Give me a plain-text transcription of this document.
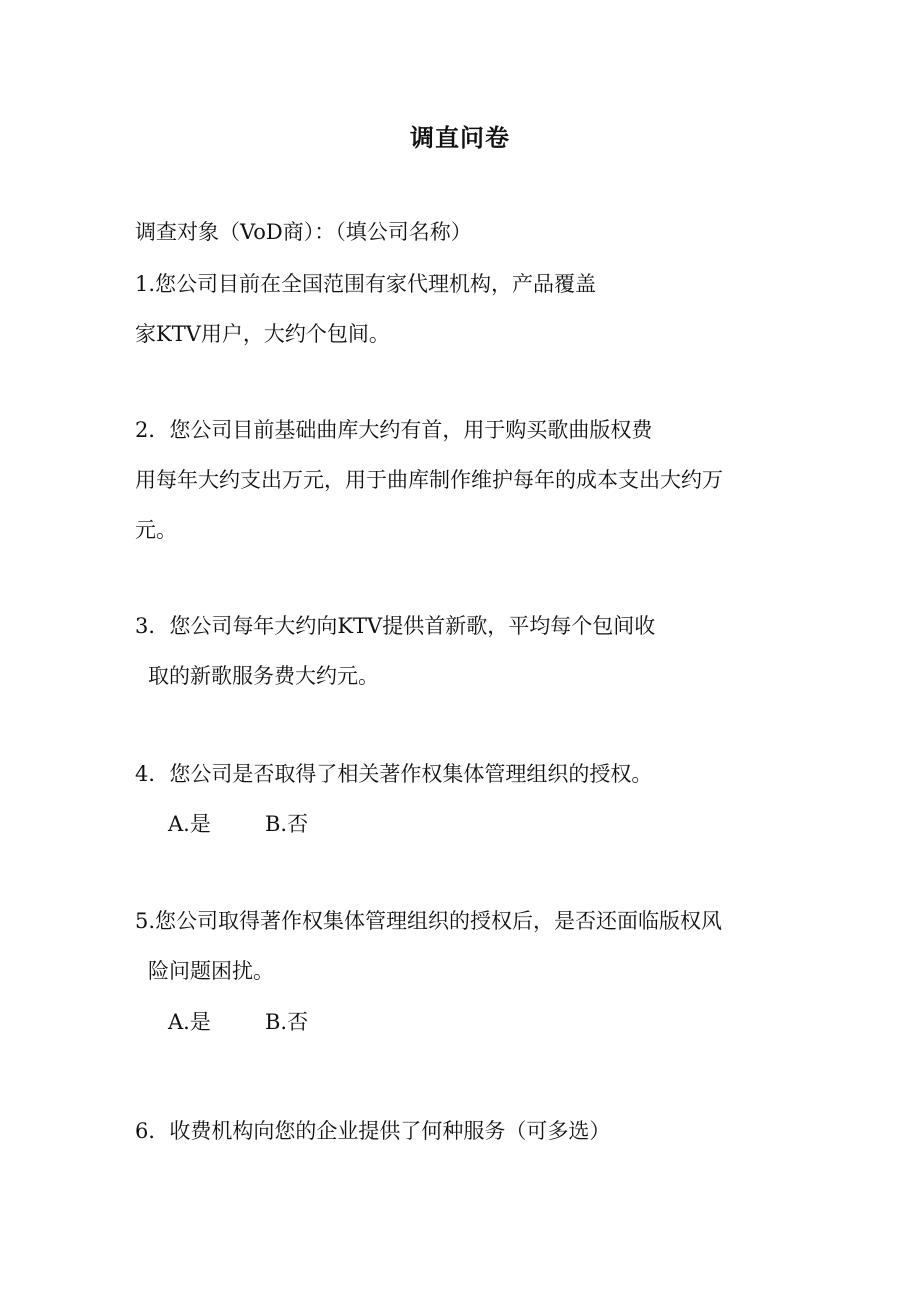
调直问卷
调查对象（VoD商）：（填公司名称）
1.您公司目前在全国范围有家代理机构，产品覆盖
家KTV用户，大约个包间。
2．您公司目前基础曲库大约有首，用于购买歌曲版权费
用每年大约支出万元，用于曲库制作维护每年的成本支出大约万
元。
3．您公司每年大约向KTV提供首新歌，平均每个包间收
取的新歌服务费大约元。
4．您公司是否取得了相关著作权集体管理组织的授权。
A.是	B.否
5.您公司取得著作权集体管理组织的授权后，是否还面临版权风
险问题困扰。
A.是	B.否
6．收费机构向您的企业提供了何种服务（可多选）
